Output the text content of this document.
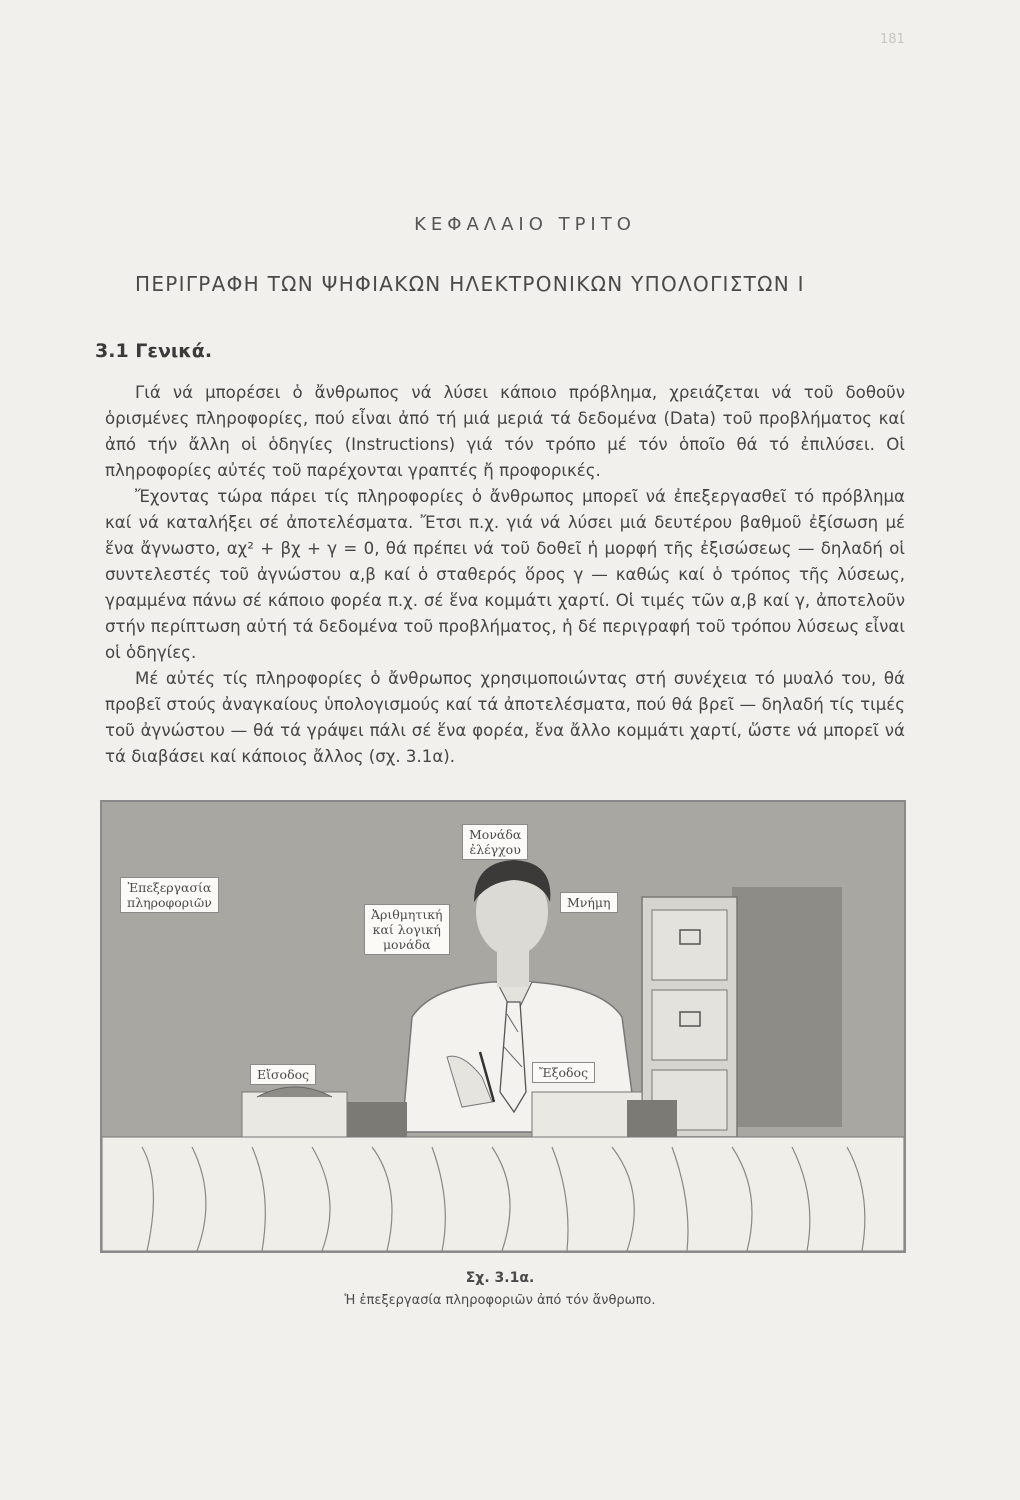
181
ΚΕΦΑΛΑΙΟ ΤΡΙΤΟ
ΠΕΡΙΓΡΑΦΗ ΤΩΝ ΨΗΦΙΑΚΩΝ ΗΛΕΚΤΡΟΝΙΚΩΝ ΥΠΟΛΟΓΙΣΤΩΝ Ι
3.1 Γενικά.

Γιά νά μπορέσει ὁ ἄνθρωπος νά λύσει κάποιο πρόβλημα, χρειάζεται νά τοῦ δοθοῦν ὁρισμένες πληροφορίες, πού εἶναι ἀπό τή μιά μεριά τά δεδομένα (Data) τοῦ προβλήματος καί ἀπό τήν ἄλλη οἱ ὁδηγίες (Instructions) γιά τόν τρόπο μέ τόν ὁποῖο θά τό ἐπιλύσει. Οἱ πληροφορίες αὐτές τοῦ παρέχονται γραπτές ἤ προφορικές.

Ἔχοντας τώρα πάρει τίς πληροφορίες ὁ ἄνθρωπος μπορεῖ νά ἐπεξεργασθεῖ τό πρόβλημα καί νά καταλήξει σέ ἀποτελέσματα. Ἔτσι π.χ. γιά νά λύσει μιά δευτέρου βαθμοῦ ἐξίσωση μέ ἕνα ἄγνωστο, αχ² + βχ + γ = 0, θά πρέπει νά τοῦ δοθεῖ ἡ μορφή τῆς ἐξισώσεως — δηλαδή οἱ συντελεστές τοῦ ἀγνώστου α,β καί ὁ σταθερός ὅρος γ — καθώς καί ὁ τρόπος τῆς λύσεως, γραμμένα πάνω σέ κάποιο φορέα π.χ. σέ ἕνα κομμάτι χαρτί. Οἱ τιμές τῶν α,β καί γ, ἀποτελοῦν στήν περίπτωση αὐτή τά δεδομένα τοῦ προβλήματος, ἡ δέ περιγραφή τοῦ τρόπου λύσεως εἶναι οἱ ὁδηγίες.

Μέ αὐτές τίς πληροφορίες ὁ ἄνθρωπος χρησιμοποιώντας στή συνέχεια τό μυαλό του, θά προβεῖ στούς ἀναγκαίους ὑπολογισμούς καί τά ἀποτελέσματα, πού θά βρεῖ — δηλαδή τίς τιμές τοῦ ἀγνώστου — θά τά γράψει πάλι σέ ἕνα φορέα, ἕνα ἄλλο κομμάτι χαρτί, ὥστε νά μπορεῖ νά τά διαβάσει καί κάποιος ἄλλος (σχ. 3.1α).

Μονάδα
ἐλέγχου
Ἐπεξεργασία
πληροφοριῶν	Μνήμη
Ἀριθμητική
καί λογική
μονάδα
Εἴσοδος	Ἔξοδος
Σχ. 3.1α.
Ἡ ἐπεξεργασία πληροφοριῶν ἀπό τόν ἄνθρωπο.
